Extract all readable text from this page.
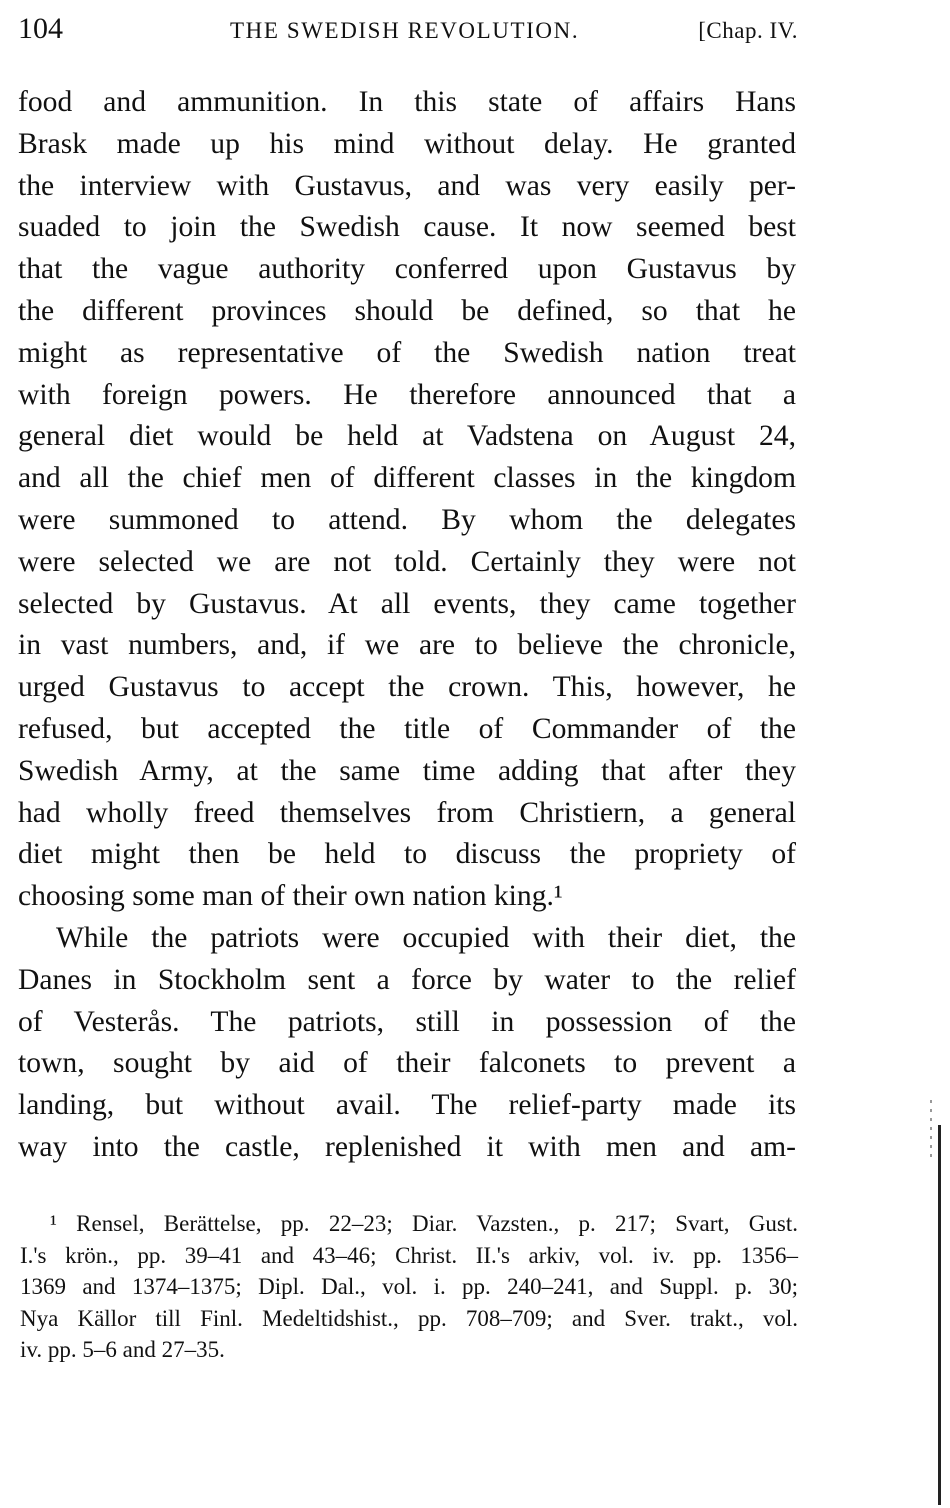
104	THE SWEDISH REVOLUTION.	[Chap. IV.
food and ammunition. In this state of affairs Hans
Brask made up his mind without delay. He granted
the interview with Gustavus, and was very easily per-
suaded to join the Swedish cause. It now seemed best
that the vague authority conferred upon Gustavus by
the different provinces should be defined, so that he
might as representative of the Swedish nation treat
with foreign powers. He therefore announced that a
general diet would be held at Vadstena on August 24,
and all the chief men of different classes in the kingdom
were summoned to attend. By whom the delegates
were selected we are not told. Certainly they were not
selected by Gustavus. At all events, they came together
in vast numbers, and, if we are to believe the chronicle,
urged Gustavus to accept the crown. This, however, he
refused, but accepted the title of Commander of the
Swedish Army, at the same time adding that after they
had wholly freed themselves from Christiern, a general
diet might then be held to discuss the propriety of
choosing some man of their own nation king.¹
While the patriots were occupied with their diet, the
Danes in Stockholm sent a force by water to the relief
of Vesterås. The patriots, still in possession of the
town, sought by aid of their falconets to prevent a
landing, but without avail. The relief-party made its
way into the castle, replenished it with men and am-
¹ Rensel, Berättelse, pp. 22–23; Diar. Vazsten., p. 217; Svart, Gust.
I.'s krön., pp. 39–41 and 43–46; Christ. II.'s arkiv, vol. iv. pp. 1356–
1369 and 1374–1375; Dipl. Dal., vol. i. pp. 240–241, and Suppl. p. 30;
Nya Källor till Finl. Medeltidshist., pp. 708–709; and Sver. trakt., vol.
iv. pp. 5–6 and 27–35.
